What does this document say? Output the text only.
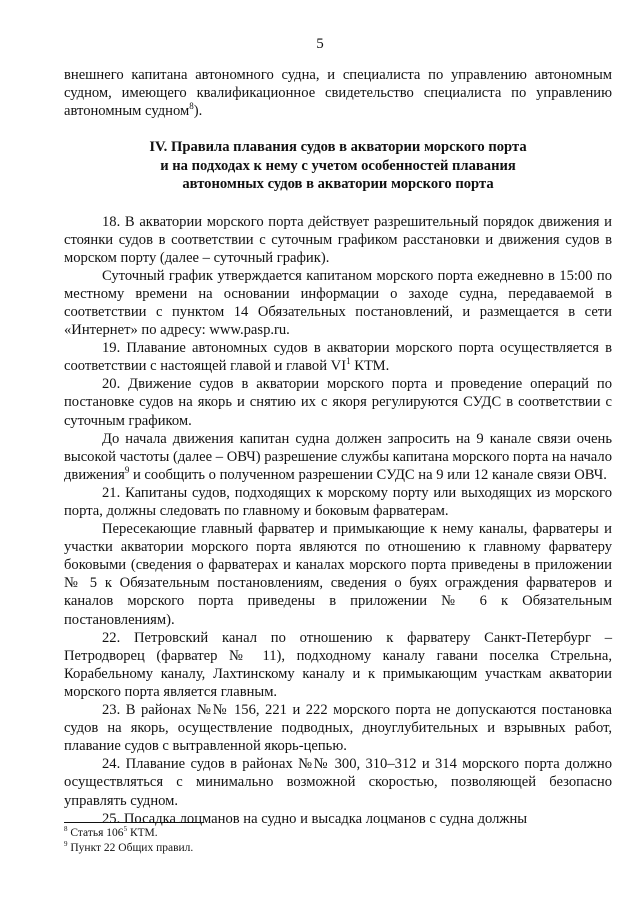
5

внешнего капитана автономного судна, и специалиста по управлению автономным судном, имеющего квалификационное свидетельство специалиста по управлению автономным судном$^8$).

IV. Правила плавания судов в акватории морского порта
и на подходах к нему с учетом особенностей плавания
автономных судов в акватории морского порта

18. В акватории морского порта действует разрешительный порядок движения и стоянки судов в соответствии с суточным графиком расстановки и движения судов в морском порту (далее – суточный график).

Суточный график утверждается капитаном морского порта ежедневно в 15:00 по местному времени на основании информации о заходе судна, передаваемой в соответствии с пунктом 14 Обязательных постановлений, и размещается в сети «Интернет» по адресу: www.pasp.ru.

19. Плавание автономных судов в акватории морского порта осуществляется в соответствии с настоящей главой и главой $VI^1$ КТМ.

20. Движение судов в акватории морского порта и проведение операций по постановке судов на якорь и снятию их с якоря регулируются СУДС в соответствии с суточным графиком.

До начала движения капитан судна должен запросить на 9 канале связи очень высокой частоты (далее – ОВЧ) разрешение службы капитана морского порта на начало движения$^9$ и сообщить о полученном разрешении СУДС на 9 или 12 канале связи ОВЧ.

21. Капитаны судов, подходящих к морскому порту или выходящих из морского порта, должны следовать по главному и боковым фарватерам.

Пересекающие главный фарватер и примыкающие к нему каналы, фарватеры и участки акватории морского порта являются по отношению к главному фарватеру боковыми (сведения о фарватерах и каналах морского порта приведены в приложении № 5 к Обязательным постановлениям, сведения о буях ограждения фарватеров и каналов морского порта приведены в приложении № 6 к Обязательным постановлениям).

22. Петровский канал по отношению к фарватеру Санкт-Петербург – Петродворец (фарватер № 11), подходному каналу гавани поселка Стрельна, Корабельному каналу, Лахтинскому каналу и к примыкающим участкам акватории морского порта является главным.

23. В районах №№ 156, 221 и 222 морского порта не допускаются постановка судов на якорь, осуществление подводных, дноуглубительных и взрывных работ, плавание судов с вытравленной якорь-цепью.

24. Плавание судов в районах №№ 300, 310–312 и 314 морского порта должно осуществляться с минимально возможной скоростью, позволяющей безопасно управлять судном.

25. Посадка лоцманов на судно и высадка лоцманов с судна должны

$^8$ Статья $106^5$ КТМ.
$^9$ Пункт 22 Общих правил.
